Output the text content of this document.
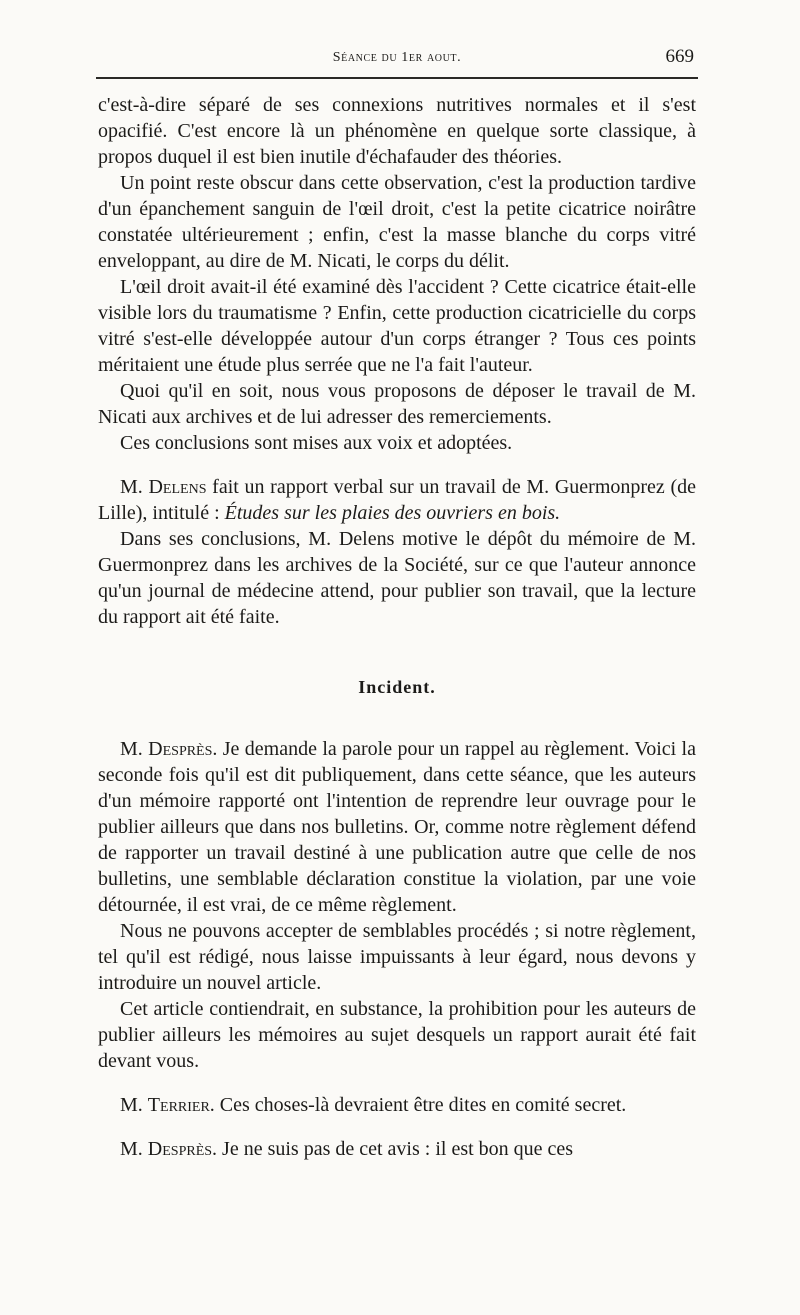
Séance du 1er aout.	669

c'est-à-dire séparé de ses connexions nutritives normales et il s'est opacifié. C'est encore là un phénomène en quelque sorte classique, à propos duquel il est bien inutile d'échafauder des théories.

Un point reste obscur dans cette observation, c'est la production tardive d'un épanchement sanguin de l'œil droit, c'est la petite cicatrice noirâtre constatée ultérieurement ; enfin, c'est la masse blanche du corps vitré enveloppant, au dire de M. Nicati, le corps du délit.

L'œil droit avait-il été examiné dès l'accident ? Cette cicatrice était-elle visible lors du traumatisme ? Enfin, cette production cicatricielle du corps vitré s'est-elle développée autour d'un corps étranger ? Tous ces points méritaient une étude plus serrée que ne l'a fait l'auteur.

Quoi qu'il en soit, nous vous proposons de déposer le travail de M. Nicati aux archives et de lui adresser des remerciements.

Ces conclusions sont mises aux voix et adoptées.

M. Delens fait un rapport verbal sur un travail de M. Guermonprez (de Lille), intitulé : Études sur les plaies des ouvriers en bois.

Dans ses conclusions, M. Delens motive le dépôt du mémoire de M. Guermonprez dans les archives de la Société, sur ce que l'auteur annonce qu'un journal de médecine attend, pour publier son travail, que la lecture du rapport ait été faite.

Incident.

M. Desprès. Je demande la parole pour un rappel au règlement. Voici la seconde fois qu'il est dit publiquement, dans cette séance, que les auteurs d'un mémoire rapporté ont l'intention de reprendre leur ouvrage pour le publier ailleurs que dans nos bulletins. Or, comme notre règlement défend de rapporter un travail destiné à une publication autre que celle de nos bulletins, une semblable déclaration constitue la violation, par une voie détournée, il est vrai, de ce même règlement.

Nous ne pouvons accepter de semblables procédés ; si notre règlement, tel qu'il est rédigé, nous laisse impuissants à leur égard, nous devons y introduire un nouvel article.

Cet article contiendrait, en substance, la prohibition pour les auteurs de publier ailleurs les mémoires au sujet desquels un rapport aurait été fait devant vous.

M. Terrier. Ces choses-là devraient être dites en comité secret.

M. Desprès. Je ne suis pas de cet avis : il est bon que ces
